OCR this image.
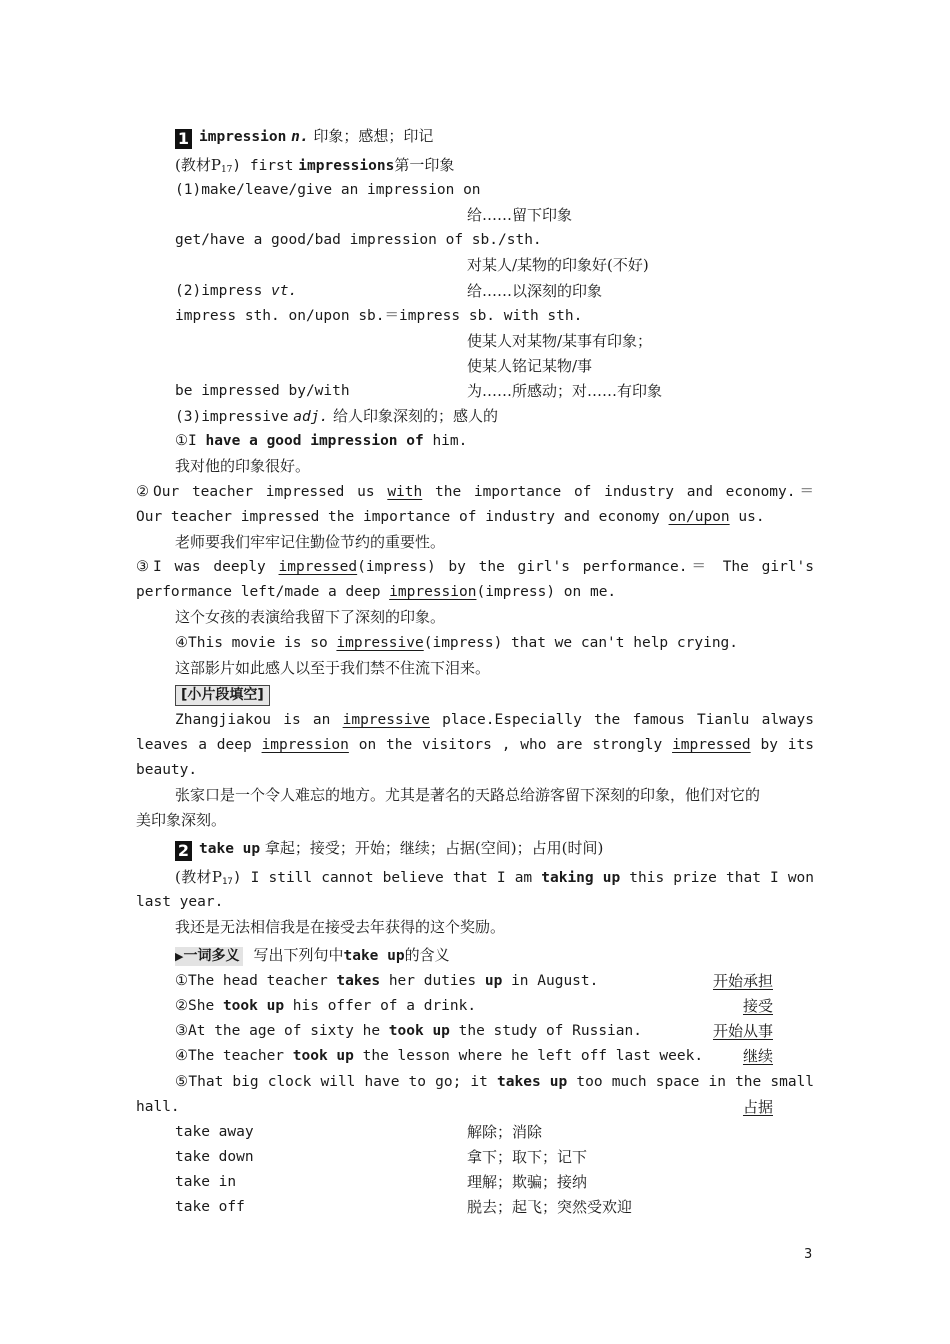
1 impression n. 印象；感想；印记
(教材$P_{17}$) first impressions第一印象
(1)make/leave/give an impression on
给……留下印象
get/have a good/bad impression of sb./sth.
对某人/某物的印象好(不好)
(2)impress vt.	给……以深刻的印象
impress sth. on/upon sb.＝impress sb. with sth.
使某人对某物/某事有印象；
使某人铭记某物/事
be impressed by/with	为……所感动；对……有印象
(3)impressive adj. 给人印象深刻的；感人的
①I have a good impression of him.
我对他的印象很好。
②Our teacher impressed us with the importance of industry and economy.＝
Our teacher impressed the importance of industry and economy on/upon us.
老师要我们牢牢记住勤俭节约的重要性。
③I was deeply impressed(impress) by the girl's performance.＝ The girl's
performance left/made a deep impression(impress) on me.
这个女孩的表演给我留下了深刻的印象。
④This movie is so impressive(impress) that we can't help crying.
这部影片如此感人以至于我们禁不住流下泪来。
[小片段填空]
Zhangjiakou is an impressive place.Especially the famous Tianlu always
leaves a deep impression on the visitors , who are strongly impressed by its
beauty.
张家口是一个令人难忘的地方。尤其是著名的天路总给游客留下深刻的印象，他们对它的
美印象深刻。
2 take up 拿起；接受；开始；继续；占据(空间)；占用(时间)
(教材$P_{17}$) I still cannot believe that I am taking up this prize that I won
last year.
我还是无法相信我是在接受去年获得的这个奖励。
▶一词多义 写出下列句中take up的含义
①The head teacher takes her duties up in August.	开始承担
②She took up his offer of a drink.	接受
③At the age of sixty he took up the study of Russian.	开始从事
④The teacher took up the lesson where he left off last week.	继续
⑤That big clock will have to go; it takes up too much space in the small
hall.	占据
take away	解除；消除
take down	拿下；取下；记下
take in	理解；欺骗；接纳
take off	脱去；起飞；突然受欢迎
3
